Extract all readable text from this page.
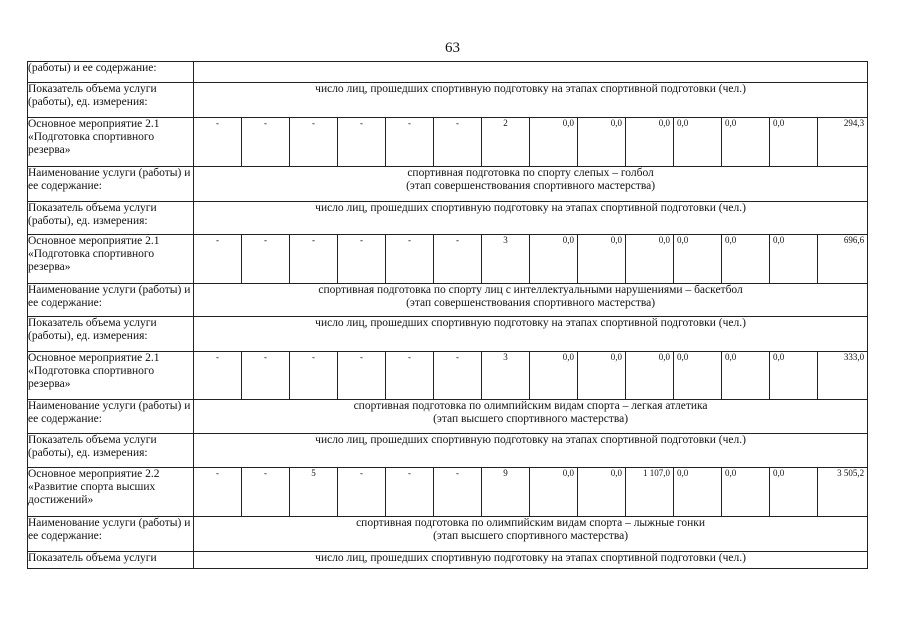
63
(работы) и ее содержание:														
Показатель объема услуги (работы), ед. измерения:	число лиц, прошедших спортивную подготовку на этапах спортивной подготовки (чел.)													
Основное мероприятие 2.1 «Подготовка спортивного резерва»	-	-	-	-	-	-	2	0,0	0,0	0,0	0,0	0,0	0,0	294,3
Наименование услуги (работы) и ее содержание:	спортивная подготовка по спорту слепых – голбол
(этап совершенствования спортивного мастерства)													

Показатель объема услуги (работы), ед. измерения:	число лиц, прошедших спортивную подготовку на этапах спортивной подготовки (чел.)													
Основное мероприятие 2.1 «Подготовка спортивного резерва»	-	-	-	-	-	-	3	0,0	0,0	0,0	0,0	0,0	0,0	696,6
Наименование услуги (работы) и ее содержание:	спортивная подготовка по спорту лиц с интеллектуальными нарушениями – баскетбол
(этап совершенствования спортивного мастерства)													

Показатель объема услуги (работы), ед. измерения:	число лиц, прошедших спортивную подготовку на этапах спортивной подготовки (чел.)													
Основное мероприятие 2.1 «Подготовка спортивного резерва»	-	-	-	-	-	-	3	0,0	0,0	0,0	0,0	0,0	0,0	333,0
Наименование услуги (работы) и ее содержание:	спортивная подготовка по олимпийским видам спорта – легкая атлетика
(этап высшего спортивного мастерства)													

Показатель объема услуги (работы), ед. измерения:	число лиц, прошедших спортивную подготовку на этапах спортивной подготовки (чел.)													
Основное мероприятие 2.2 «Развитие спорта высших достижений»	-	-	5	-	-	-	9	0,0	0,0	1 107,0	0,0	0,0	0,0	3 505,2
Наименование услуги (работы) и ее содержание:	спортивная подготовка по олимпийским видам спорта – лыжные гонки
(этап высшего спортивного мастерства)													

Показатель объема услуги	число лиц, прошедших спортивную подготовку на этапах спортивной подготовки (чел.)													
